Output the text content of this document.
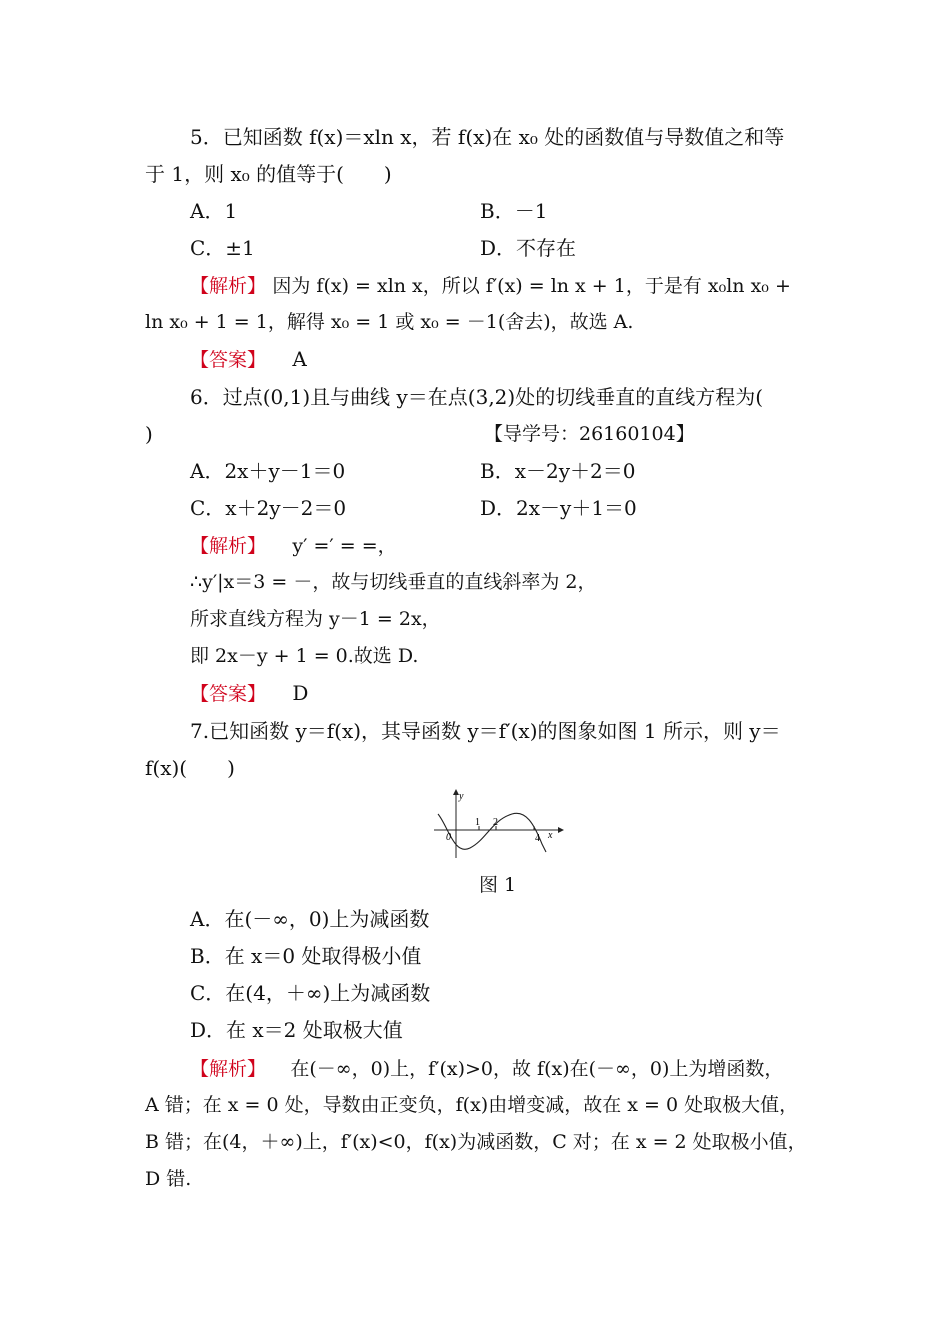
5．已知函数 f(x)＝xln x，若 f(x)在 x₀ 处的函数值与导数值之和等
于 1，则 x₀ 的值等于(　　)
A．1	B．－1
C．±1	D．不存在
【解析】 因为 f(x) = xln x，所以 f′(x) = ln x + 1，于是有 x₀ln x₀ +
ln x₀ + 1 = 1，解得 x₀ = 1 或 x₀ = －1(舍去)，故选 A.
【答案】 A
6．过点(0,1)且与曲线 y＝在点(3,2)处的切线垂直的直线方程为(
)	【导学号：26160104】
A．2x＋y－1＝0	B．x－2y＋2＝0
C．x＋2y－2＝0	D．2x－y＋1＝0
【解析】 y′ =′ = =，
∴y′|x＝3 = －，故与切线垂直的直线斜率为 2，
所求直线方程为 y－1 = 2x，
即 2x－y + 1 = 0.故选 D.
【答案】 D
7.已知函数 y＝f(x)，其导函数 y＝f′(x)的图象如图 1 所示，则 y＝
f(x)(　　)
y
x
0
1 2
4
图 1
A．在(－∞，0)上为减函数
B．在 x＝0 处取得极小值
C．在(4，＋∞)上为减函数
D．在 x＝2 处取极大值
【解析】 在(－∞，0)上，f′(x)>0，故 f(x)在(－∞，0)上为增函数，
A 错；在 x = 0 处，导数由正变负，f(x)由增变减，故在 x = 0 处取极大值，
B 错；在(4，＋∞)上，f′(x)<0，f(x)为减函数，C 对；在 x = 2 处取极小值，
D 错.
